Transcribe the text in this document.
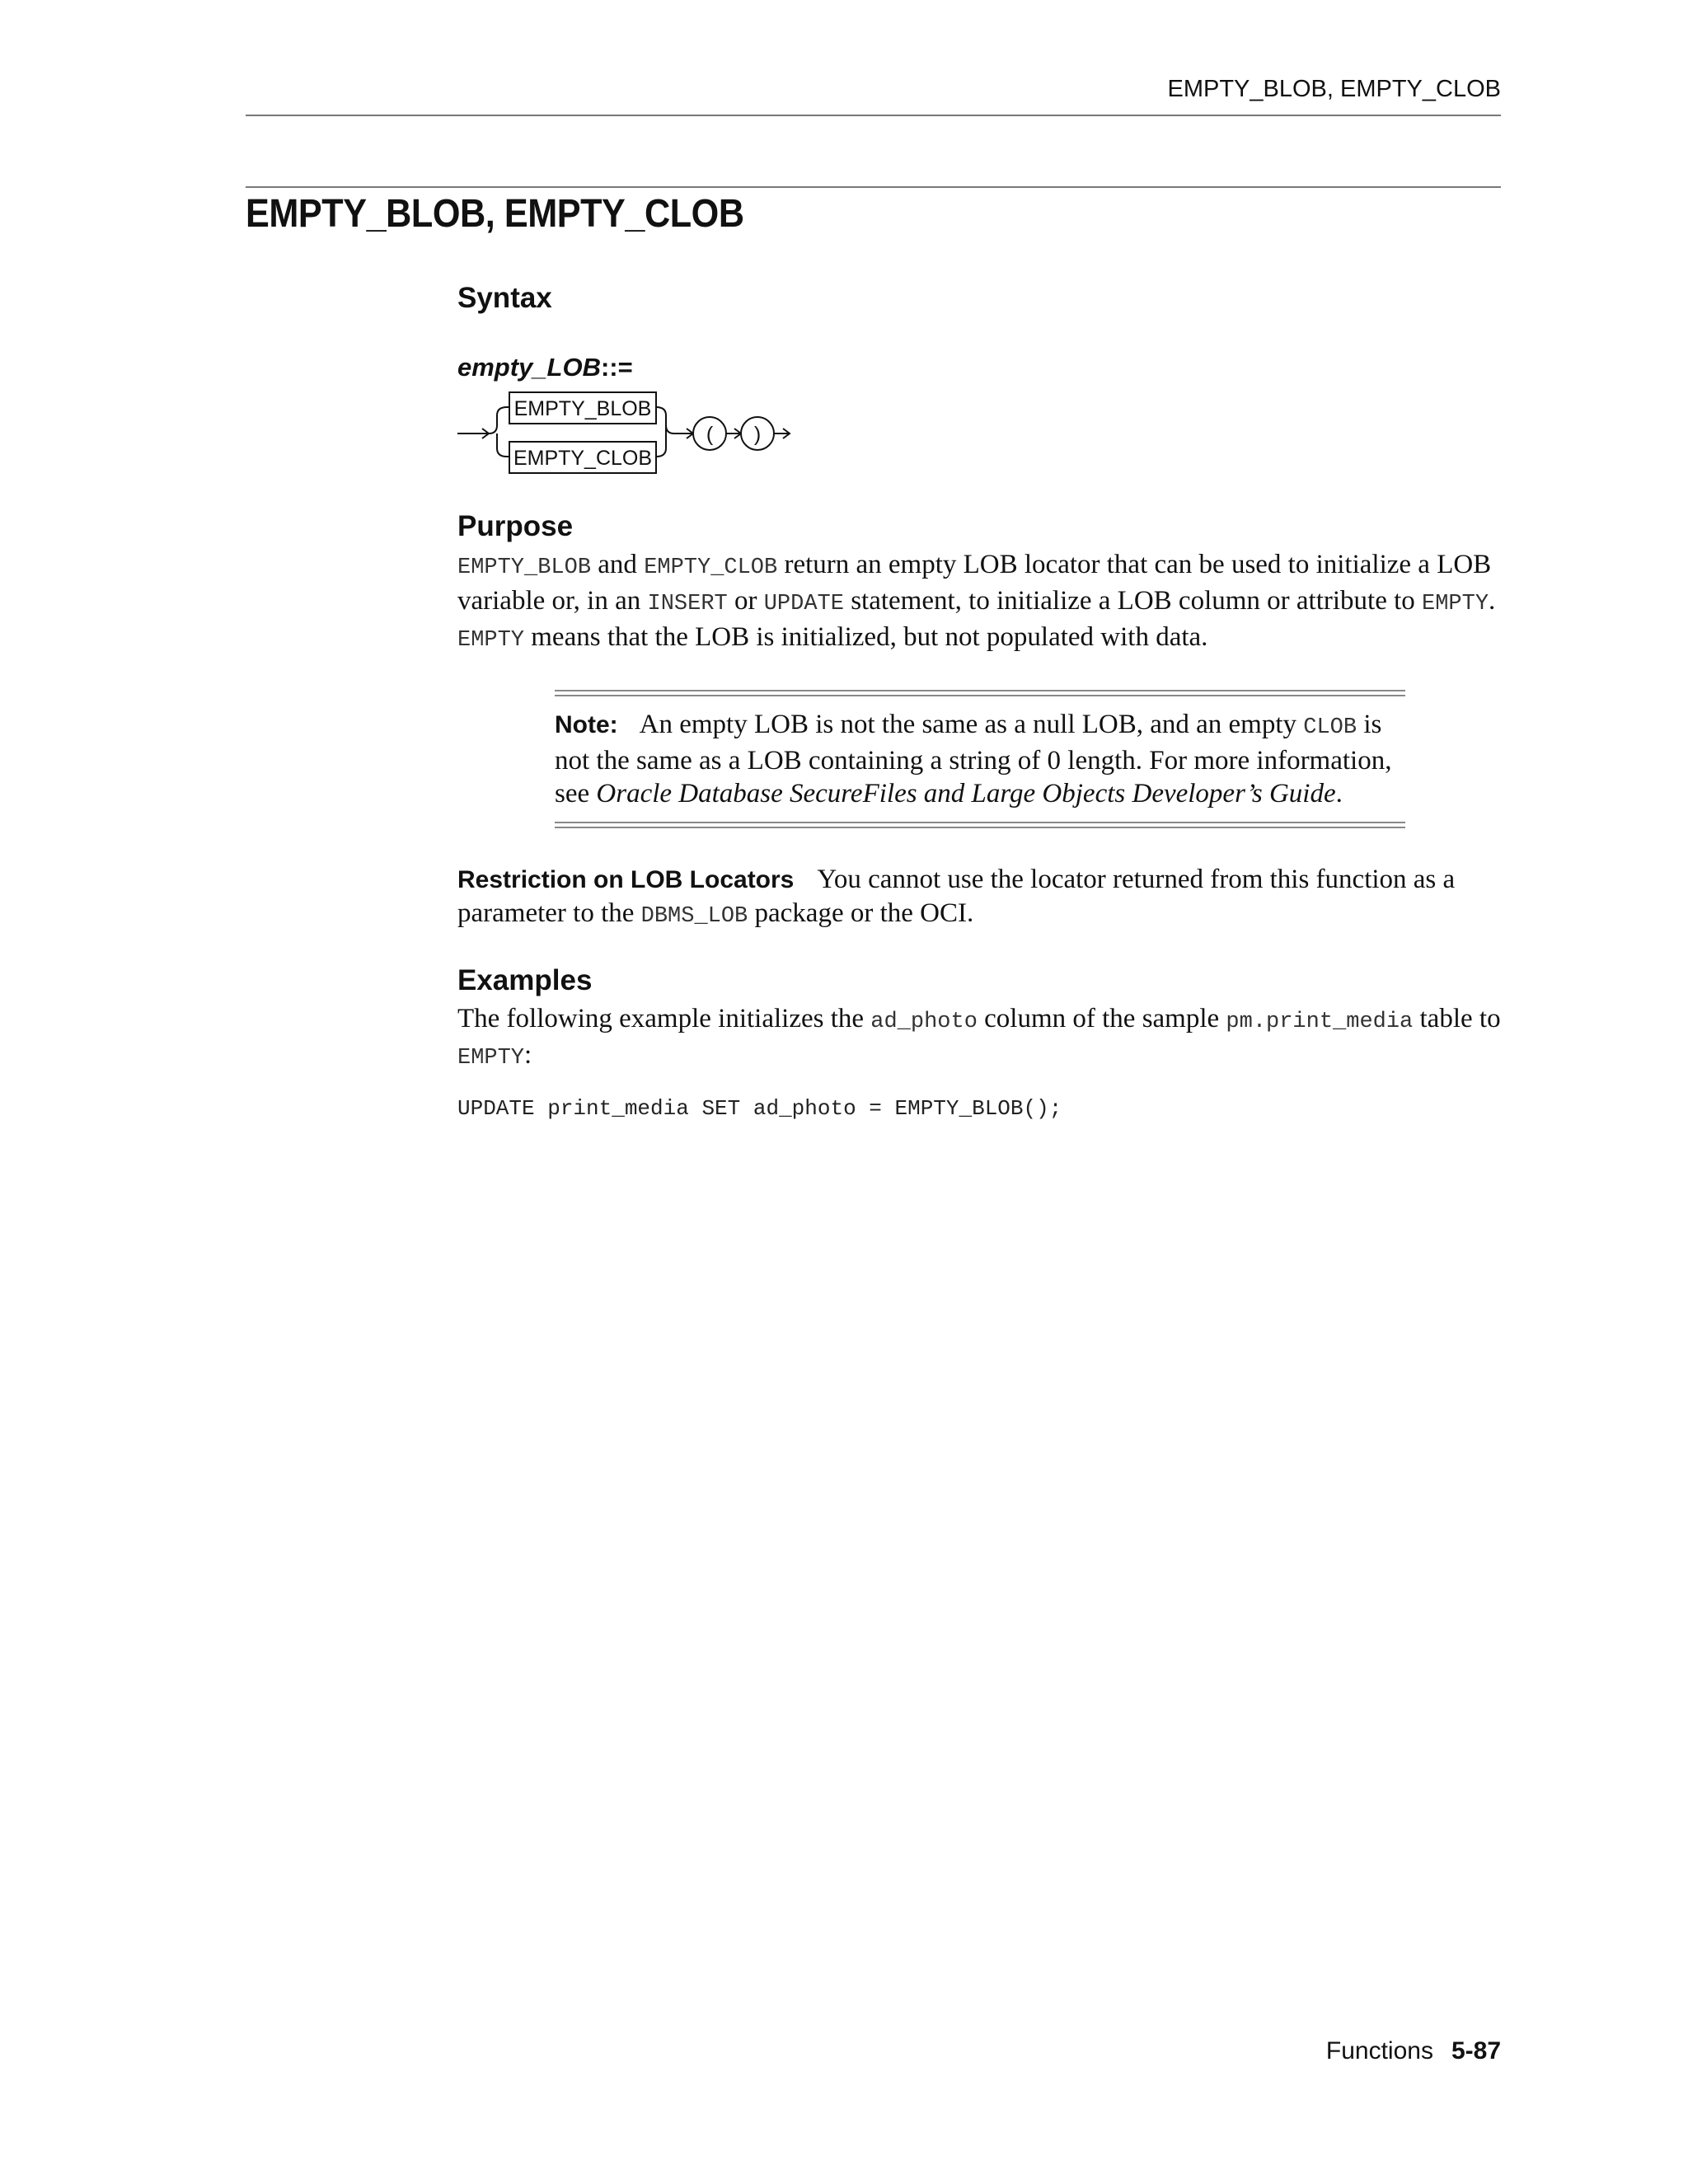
EMPTY_BLOB, EMPTY_CLOB
EMPTY_BLOB, EMPTY_CLOB
Syntax

empty_LOB::=

EMPTY_BLOB
EMPTY_CLOB
( )
Purpose

EMPTY_BLOB and EMPTY_CLOB return an empty LOB locator that can be used to initialize a LOB variable or, in an INSERT or UPDATE statement, to initialize a LOB column or attribute to EMPTY. EMPTY means that the LOB is initialized, but not populated with data.

Note: An empty LOB is not the same as a null LOB, and an empty CLOB is not the same as a LOB containing a string of 0 length. For more information, see Oracle Database SecureFiles and Large Objects Developer’s Guide.

Restriction on LOB Locators You cannot use the locator returned from this function as a parameter to the DBMS_LOB package or the OCI.

Examples

The following example initializes the ad_photo column of the sample pm.print_media table to EMPTY:

UPDATE print_media SET ad_photo = EMPTY_BLOB();
Functions 5-87
